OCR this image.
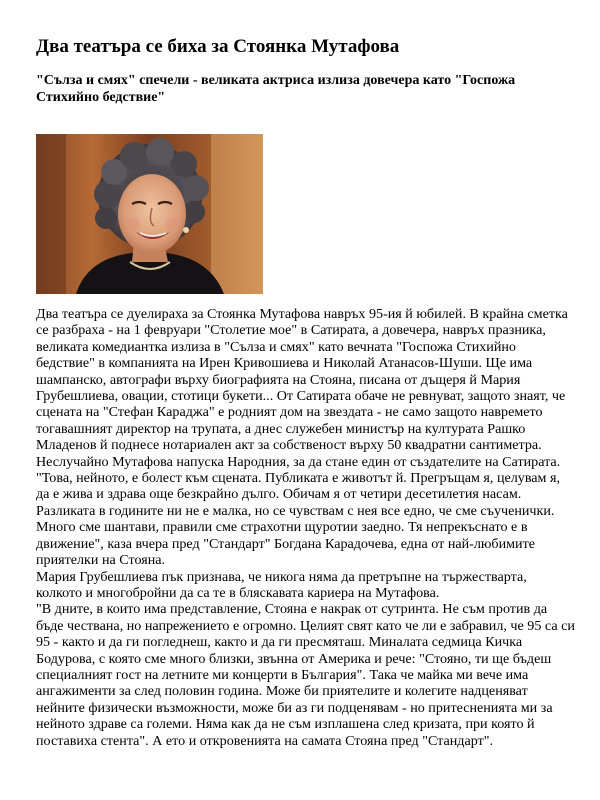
Два театъра се биха за Стоянка Мутафова
"Сълза и смях" спечели - великата актриса излиза довечера като "Госпожа Стихийно бедствие"

Два театъра се дуелираха за Стоянка Мутафова навръх 95-ия й юбилей. В крайна сметка се разбраха - на 1 февруари "Столетие мое" в Сатирата, а довечера, навръх празника, великата комедиантка излиза в "Сълза и смях" като вечната "Госпожа Стихийно бедствие" в компанията на Ирен Кривошиева и Николай Атанасов-Шуши. Ще има шампанско, автографи върху биографията на Стояна, писана от дъщеря й Мария Грубешлиева, овации, стотици букети... От Сатирата обаче не ревнуват, защото знаят, че сцената на "Стефан Караджа" е родният дом на звездата - не само защото навремето тогавашният директор на трупата, а днес служебен министър на културата Рашко Младенов й поднесе нотариален акт за собственост върху 50 квадратни сантиметра. Неслучайно Мутафова напуска Народния, за да стане един от създателите на Сатирата.

"Това, нейното, е болест към сцената. Публиката е животът й. Прегръщам я, целувам я, да е жива и здрава още безкрайно дълго. Обичам я от четири десетилетия насам. Разликата в годините ни не е малка, но се чувствам с нея все едно, че сме съученички. Много сме шантави, правили сме страхотни щуротии заедно. Тя непрекъснато е в движение", каза вчера пред "Стандарт" Богдана Карадочева, една от най-любимите приятелки на Стояна.

Мария Грубешлиева пък признава, че никога няма да претръпне на тържестварта, колкото и многобройни да са те в бляскавата кариера на Мутафова.

"В дните, в които има представление, Стояна е накрак от сутринта. Не съм против да бъде чествана, но напрежението е огромно. Целият свят като че ли е забравил, че 95 са си 95 - както и да ги погледнеш, както и да ги пресмяташ. Миналата седмица Кичка Бодурова, с която сме много близки, звънна от Америка и рече: "Стояно, ти ще бъдеш специалният гост на летните ми концерти в България". Така че майка ми вече има ангажименти за след половин година. Може би приятелите и колегите надценяват нейните физически възможности, може би аз ги подценявам - но притеснениятa ми за нейното здраве са големи. Няма как да не съм изплашена след кризата, при която й поставиха стента". А ето и откровенията на самата Стояна пред "Стандарт".
